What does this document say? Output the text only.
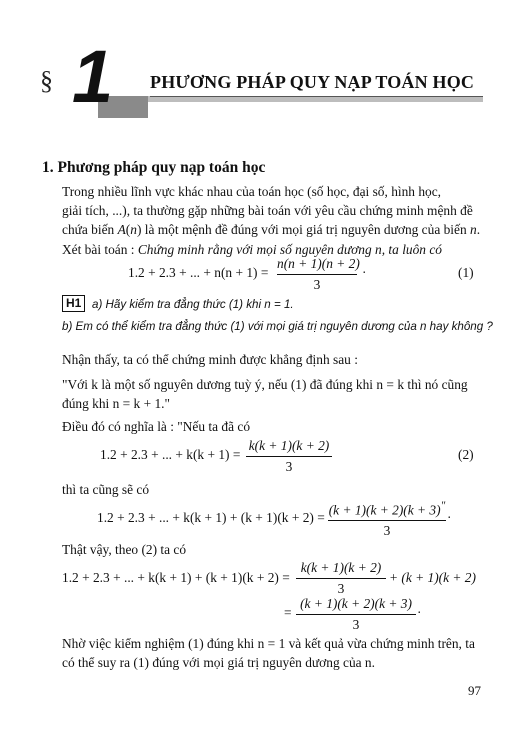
§ 1 PHƯƠNG PHÁP QUY NẠP TOÁN HỌC
1. Phương pháp quy nạp toán học
Trong nhiều lĩnh vực khác nhau của toán học (số học, đại số, hình học,
giải tích, ...), ta thường gặp những bài toán với yêu cầu chứng minh mệnh đề
chứa biến A(n) là một mệnh đề đúng với mọi giá trị nguyên dương của biến n.
Xét bài toán : Chứng minh rằng với mọi số nguyên dương n, ta luôn có
1.2 + 2.3 + ... + n(n + 1) =
n(n + 1)(n + 2)
3
·	(1)
H1 a) Hãy kiểm tra đẳng thức (1) khi n = 1.
b) Em có thể kiểm tra đẳng thức (1) với mọi giá trị nguyên dương của n hay không ?
Nhận thấy, ta có thể chứng minh được khẳng định sau :
"Với k là một số nguyên dương tuỳ ý, nếu (1) đã đúng khi n = k thì nó cũng
đúng khi n = k + 1."
Điều đó có nghĩa là : "Nếu ta đã có
1.2 + 2.3 + ... + k(k + 1) =
k(k + 1)(k + 2)
3
(2)
thì ta cũng sẽ có
1.2 + 2.3 + ... + k(k + 1) + (k + 1)(k + 2) =
(k + 1)(k + 2)(k + 3)"
3
·
Thật vậy, theo (2) ta có
1.2 + 2.3 + ... + k(k + 1) + (k + 1)(k + 2) =
k(k + 1)(k + 2)
3
+ (k + 1)(k + 2)
=
(k + 1)(k + 2)(k + 3)
3
·
Nhờ việc kiểm nghiệm (1) đúng khi n = 1 và kết quả vừa chứng minh trên, ta
có thể suy ra (1) đúng với mọi giá trị nguyên dương của n.
97
